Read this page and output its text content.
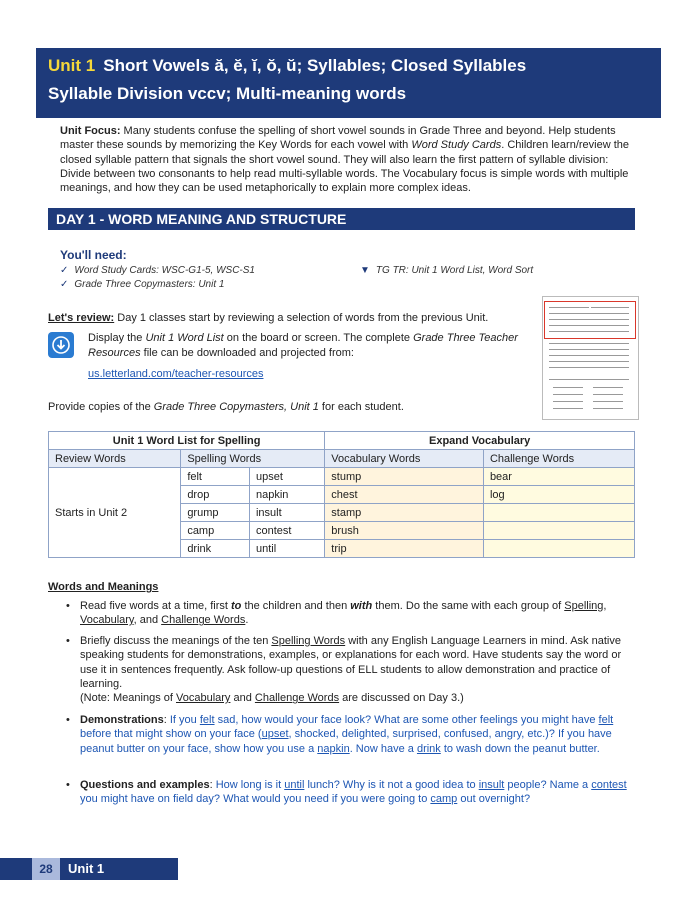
Unit 1 Short Vowels ă, ĕ, ĭ, ŏ, ŭ; Syllables; Closed Syllables
Syllable Division vccv; Multi-meaning words
Unit Focus: Many students confuse the spelling of short vowel sounds in Grade Three and beyond. Help students master these sounds by memorizing the Key Words for each vowel with Word Study Cards. Children learn/review the closed syllable pattern that signals the short vowel sound. They will also learn the first pattern of syllable division: Divide between two consonants to help read multi-syllable words. The Vocabulary focus is simple words with multiple meanings, and how they can be used metaphorically to explain more complex ideas.
DAY 1 - WORD MEANING AND STRUCTURE
You'll need:
✓ Word Study Cards: WSC-G1-5, WSC-S1
✓ Grade Three Copymasters: Unit 1
▼ TG TR: Unit 1 Word List, Word Sort
Let's review: Day 1 classes start by reviewing a selection of words from the previous Unit.
Display the Unit 1 Word List on the board or screen. The complete Grade Three Teacher Resources file can be downloaded and projected from:
us.letterland.com/teacher-resources
Provide copies of the Grade Three Copymasters, Unit 1 for each student.
Unit 1 Word List for Spelling			Expand Vocabulary	
Review Words	Spelling Words		Vocabulary Words	Challenge Words
Starts in Unit 2	felt	upset	stump	bear
	drop	napkin	chest	log
	grump	insult	stamp	
	camp	contest	brush	
	drink	until	trip	
Words and Meanings
• Read five words at a time, first to the children and then with them. Do the same with each group of Spelling, Vocabulary, and Challenge Words.
• Briefly discuss the meanings of the ten Spelling Words with any English Language Learners in mind. Ask native speaking students for demonstrations, examples, or explanations for each word. Have students say the word or use it in sentences frequently. Ask follow-up questions of ELL students to allow demonstration and practice of learning.
(Note: Meanings of Vocabulary and Challenge Words are discussed on Day 3.)
• Demonstrations: If you felt sad, how would your face look? What are some other feelings you might have felt before that might show on your face (upset, shocked, delighted, surprised, confused, angry, etc.)? If you have peanut butter on your face, show how you use a napkin. Now have a drink to wash down the peanut butter.
• Questions and examples: How long is it until lunch? Why is it not a good idea to insult people? Name a contest you might have on field day? What would you need if you were going to camp out overnight?
28	Unit 1
